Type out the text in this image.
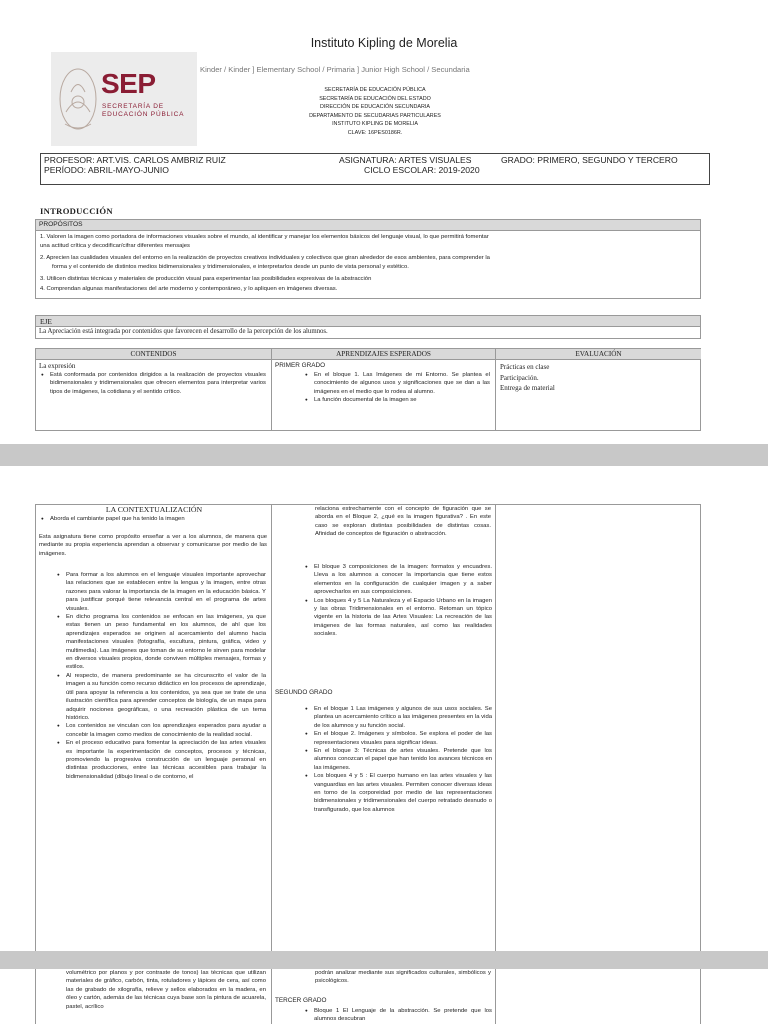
Instituto Kipling de Morelia
SEP
SECRETARÍA DE
EDUCACIÓN PÚBLICA
Kinder / Kinder ] Elementary School / Primaria ] Junior High School / Secundaria
SECRETARÍA DE EDUCACIÓN PÚBLICA
SECRETARÍA DE EDUCACIÓN DEL ESTADO
DIRECCIÓN DE EDUCACIÓN SECUNDARIA
DEPARTAMENTO DE SECUDARIAS PARTICULARES
INSTITUTO KIPLING DE MORELIA
CLAVE: 16PES0186R.
PROFESOR: ART.VIS. CARLOS AMBRIZ RUIZ
PERÍODO: ABRIL-MAYO-JUNIO
ASIGNATURA: ARTES VISUALES
CICLO ESCOLAR: 2019-2020
GRADO: PRIMERO, SEGUNDO Y TERCERO
INTRODUCCIÓN
PROPÓSITOS
1. Valoren la imagen como portadora de informaciones visuales sobre el mundo, al identificar y manejar los elementos básicos del lenguaje visual, lo que permitirá fomentar
una actitud crítica y decodificar/cifrar diferentes mensajes
2. Aprecien las cualidades visuales del entorno en la realización de proyectos creativos individuales y colectivos que giran alrededor de esos ambientes, para comprender la
forma y el contenido de distintos medios bidimensionales y tridimensionales, e interpretarlos desde un punto de vista personal y estético.
3. Utilicen distintas técnicas y materiales de producción visual para experimentar las posibilidades expresivas de la abstracción
4. Comprendan algunas manifestaciones del arte moderno y contemporáneo, y lo apliquen en imágenes diversas.
EJE
La Apreciación está integrada por contenidos que favorecen el desarrollo de la percepción de los alumnos.
CONTENIDOS
La expresión
● Está conformada por contenidos dirigidos a la realización de proyectos visuales bidimensionales y tridimensionales que ofrecen elementos para interpretar varios tipos de imágenes, la cotidiana y el sentido crítico.
APRENDIZAJES ESPERADOS
PRIMER GRADO
● En el bloque 1. Las Imágenes de mi Entorno. Se plantea el conocimiento de algunos usos y significaciones que se dan a las imágenes en el medio que lo rodea al alumno.
● La función documental de la imagen se
EVALUACIÓN
Prácticas en clase
Participación.
Entrega de material
LA CONTEXTUALIZACIÓN
● Aborda el cambiante papel que ha tenido la imagen
Esta asignatura tiene como propósito enseñar a ver a los alumnos, de manera que mediante su propia experiencia aprendan a observar y comunicarse por medio de las imágenes.
● Para formar a los alumnos en el lenguaje visuales importante aprovechar las relaciones que se establecen entre la lengua y la imagen, entre otras razones para valorar la importancia de la imagen en la educación básica. Y para justificar porqué tiene relevancia central en el programa de artes visuales.
● En dicho programa los contenidos se enfocan en las imágenes, ya que estas tienen un peso fundamental en los alumnos, de ahí que los aprendizajes esperados se originen al acercamiento del alumno hacia manifestaciones visuales (fotografía, escultura, pintura, gráfica, video y multimedia). Las imágenes que toman de su entorno le sirven para modelar en diversos visuales propios, donde conviven múltiples mensajes, formas y estilos.
● Al respecto, de manera predominante se ha circunscrito el valor de la imagen a su función como recurso didáctico en los procesos de aprendizaje, útil para apoyar la referencia a los contenidos, ya sea que se trate de una ilustración científica para aprender conceptos de biología, de un mapa para adquirir nociones geográficas, o una recreación plástica de un tema histórico.
● Los contenidos se vinculan con los aprendizajes esperados para ayudar a concebir la imagen como medios de conocimiento de la realidad social.
● En el proceso educativo para fomentar la apreciación de las artes visuales es importante la experimentación de conceptos, procesos y técnicas, promoviendo la progresiva construcción de un lenguaje personal en distintas producciones, entre las técnicas accesibles para trabajar la bidimensionalidad (dibujo lineal o de contorno, el
relaciona estrechamente con el concepto de figuración que se aborda en el Bloque 2, ¿qué es la imagen figurativa? . En este caso se exploran distintas posibilidades de distintas cosas. Afinidad de conceptos de figuración o abstracción.
● El bloque 3 composiciones de la imagen: formatos y encuadres. Lleva a los alumnos a conocer la importancia que tiene estos elementos en la configuración de cualquier imagen y a saber aprovecharlos en sus composiciones.
● Los bloques 4 y 5 La Naturaleza y el Espacio Urbano en la imagen y las obras Tridimensionales en el entorno. Retoman un tópico vigente en la historia de las Artes Visuales: La recreación de las imágenes de las formas naturales, así como las realidades sociales.
SEGUNDO GRADO
● En el bloque 1 Las imágenes y algunos de sus usos sociales. Se plantea un acercamiento crítico a las imágenes presentes en la vida de los alumnos y su función social.
● En el bloque 2. Imágenes y símbolos. Se explora el poder de las representaciones visuales para significar ideas.
● En el bloque 3: Técnicas de artes visuales. Pretende que los alumnos conozcan el papel que han tenido los avances técnicos en las imágenes.
● Los bloques 4 y 5 : El cuerpo humano en las artes visuales y las vanguardias en las artes visuales. Permiten conocer diversas ideas en torno de la corporeidad por medio de las representaciones bidimensionales y tridimensionales del cuerpo retratado desnudo o transfigurado, que los alumnos
volumétrico por planos y por contraste de tonos) las técnicas que utilizan materiales de gráfico, carbón, tinta, rotuladores y lápices de cera, así como las de grabado de xilografía, relieve y sellos elaborados en la madera, en óleo y cartón, además de las técnicas cuya base son la pintura de acuarela, pastel, acrílico
podrán analizar mediante sus significados culturales, simbólicos y psicológicos.
TERCER GRADO
● Bloque 1 El Lenguaje de la abstracción. Se pretende que los alumnos descubran
